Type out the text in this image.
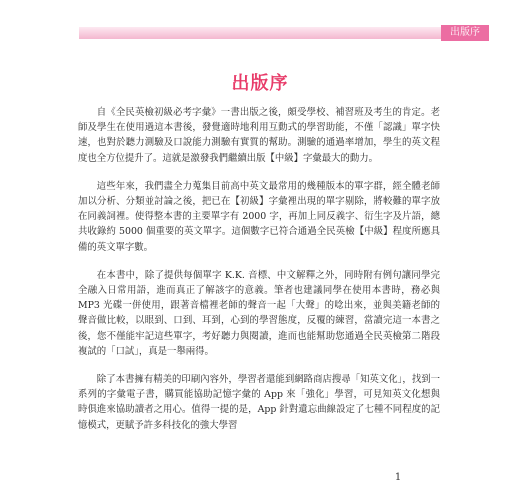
出版序
出版序

自《全民英檢初級必考字彙》一書出版之後，頗受學校、補習班及考生的肯定。老師及學生在使用過這本書後，發覺適時地利用互動式的學習助能，不僅「認識」單字快速，也對於聽力測驗及口說能力測驗有實質的幫助。測驗的通過率增加，學生的英文程度也全方位提升了。這就是激發我們繼續出版【中級】字彙最大的動力。

這些年來，我們盡全力蒐集目前高中英文最常用的幾種版本的單字群，經全體老師加以分析、分類並討論之後，把已在【初級】字彙裡出現的單字剔除，將較難的單字放在同義詞裡。使得整本書的主要單字有 2000 字，再加上同反義字、衍生字及片語，總共收錄約 5000 個重要的英文單字。這個數字已符合通過全民英檢【中級】程度所應具備的英文單字數。

在本書中，除了提供每個單字 K.K. 音標、中文解釋之外，同時附有例句讓同學完全融入日常用語，進而真正了解該字的意義。筆者也建議同學在使用本書時，務必與 MP3 光碟一併使用，跟著音檔裡老師的聲音一起「大聲」的唸出來，並與美籍老師的聲音做比較，以眼到、口到、耳到，心到的學習態度，反覆的練習，當讀完這一本書之後，您不僅能牢記這些單字，考好聽力與閱讀，進而也能幫助您通過全民英檢第二階段複試的「口試」，真是一舉兩得。

除了本書擁有精美的印刷內容外，學習者還能到網路商店搜尋「知英文化」，找到一系列的字彙電子書，購買能協助記憶字彙的 App 來「強化」學習，可見知英文化想與時俱進來協助讀者之用心。值得一提的是，App 針對遺忘曲線設定了七種不同程度的記憶模式，更賦予許多科技化的強大學習

1
